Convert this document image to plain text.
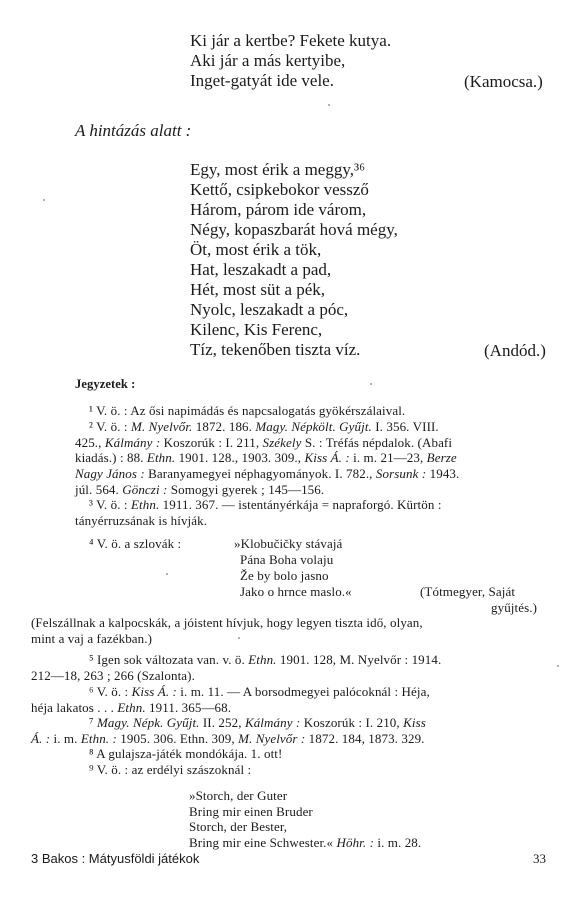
Ki jár a kertbe? Fekete kutya.
Aki jár a más kertyibe,
Inget-gatyát ide vele.	(Kamocsa.)
A hintázás alatt :
Egy, most érik a meggy,³⁶
Kettő, csipkebokor vessző
Három, párom ide várom,
Négy, kopaszbarát hová mégy,
Öt, most érik a tök,
Hat, leszakadt a pad,
Hét, most süt a pék,
Nyolc, leszakadt a póc,
Kilenc, Kis Ferenc,
Tíz, tekenőben tiszta víz.	(Andód.)
Jegyzetek :
¹ V. ö. : Az ősi napimádás és napcsalogatás gyökérszálaival.
² V. ö. : M. Nyelvőr. 1872. 186. Magy. Népkölt. Gyűjt. I. 356. VIII.
425., Kálmány : Koszorúk : I. 211, Székely S. : Tréfás népdalok. (Abafi
kiadás.) : 88. Ethn. 1901. 128., 1903. 309., Kiss Á. : i. m. 21—23, Berze
Nagy János : Baranyamegyei néphagyományok. I. 782., Sorsunk : 1943.
júl. 564. Gönczi : Somogyi gyerek ; 145—156.
³ V. ö. : Ethn. 1911. 367. — istentányérkája = napraforgó. Kürtön :
tányérruzsának is hívják.
⁴ V. ö. a szlovák :	»Klobučičky stávajá
Pána Boha volaju
Že by bolo jasno
Jako o hrnce maslo.«	(Tótmegyer, Saját
gyűjtés.)
(Felszállnak a kalpocskák, a jóistent hívjuk, hogy legyen tiszta idő, olyan,
mint a vaj a fazékban.)
⁵ Igen sok változata van. v. ö. Ethn. 1901. 128, M. Nyelvőr : 1914.
212—18, 263 ; 266 (Szalonta).
⁶ V. ö. : Kiss Á. : i. m. 11. — A borsodmegyei palócoknál : Héja,
héja lakatos . . . Ethn. 1911. 365—68.
⁷ Magy. Népk. Gyűjt. II. 252, Kálmány : Koszorúk : I. 210, Kiss
Á. : i. m. Ethn. : 1905. 306. Ethn. 309, M. Nyelvőr : 1872. 184, 1873. 329.
⁸ A gulajsza-játék mondókája. 1. ott!
⁹ V. ö. : az erdélyi szászoknál :
»Storch, der Guter
Bring mir einen Bruder
Storch, der Bester,
Bring mir eine Schwester.« Höhr. : i. m. 28.
3 Bakos : Mátyusföldi játékok	33
